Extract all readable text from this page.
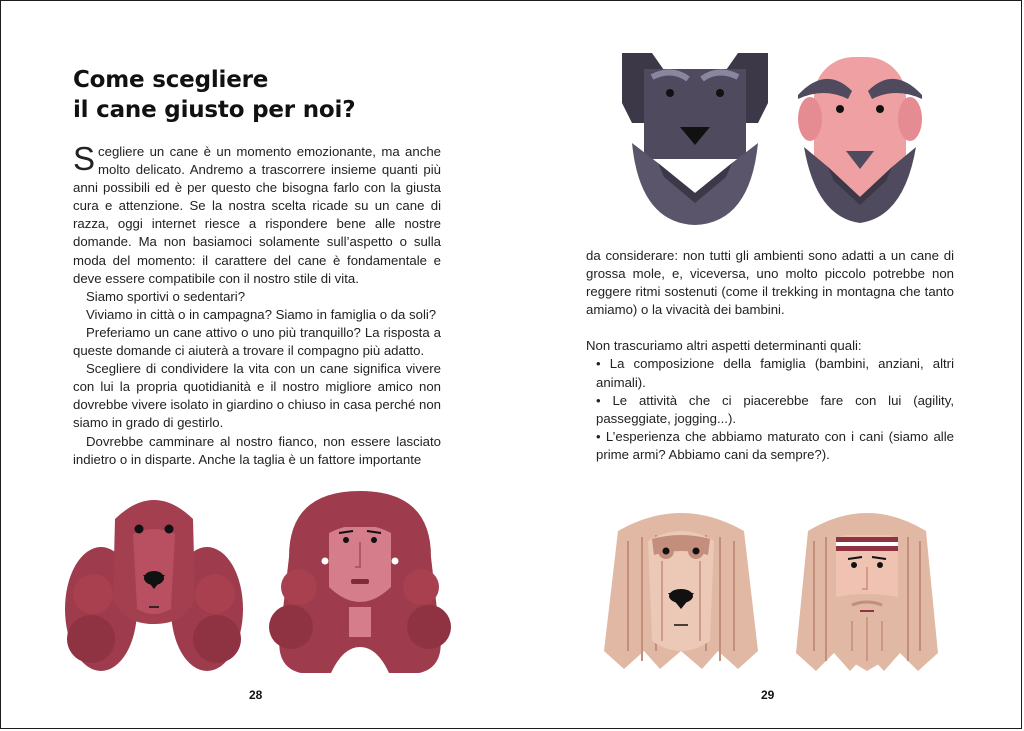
Come scegliere
il cane giusto per noi?

Scegliere un cane è un momento emozionante, ma anche molto delicato. Andremo a trascorrere insieme quanti più anni possibili ed è per questo che bisogna farlo con la giusta cura e attenzione. Se la nostra scelta ricade su un cane di razza, oggi internet riesce a rispondere bene alle nostre domande. Ma non basiamoci solamente sull’aspetto o sulla moda del momento: il carattere del cane è fondamentale e deve essere compatibile con il nostro stile di vita.

Siamo sportivi o sedentari?

Viviamo in città o in campagna? Siamo in famiglia o da soli?

Preferiamo un cane attivo o uno più tranquillo? La risposta a queste domande ci aiuterà a trovare il compagno più adatto.

Scegliere di condividere la vita con un cane significa vivere con lui la propria quotidianità e il nostro migliore amico non dovrebbe vivere isolato in giardino o chiuso in casa perché non siamo in grado di gestirlo.

Dovrebbe camminare al nostro fianco, non essere lasciato indietro o in disparte. Anche la taglia è un fattore importante

28

da considerare: non tutti gli ambienti sono adatti a un cane di grossa mole, e, viceversa, uno molto piccolo potrebbe non reggere ritmi sostenuti (come il trekking in montagna che tanto amiamo) o la vivacità dei bambini.

Non trascuriamo altri aspetti determinanti quali:

• La composizione della famiglia (bambini, anziani, altri animali).

• Le attività che ci piacerebbe fare con lui (agility, passeggiate, jogging...).

• L’esperienza che abbiamo maturato con i cani (siamo alle prime armi? Abbiamo cani da sempre?).

29
